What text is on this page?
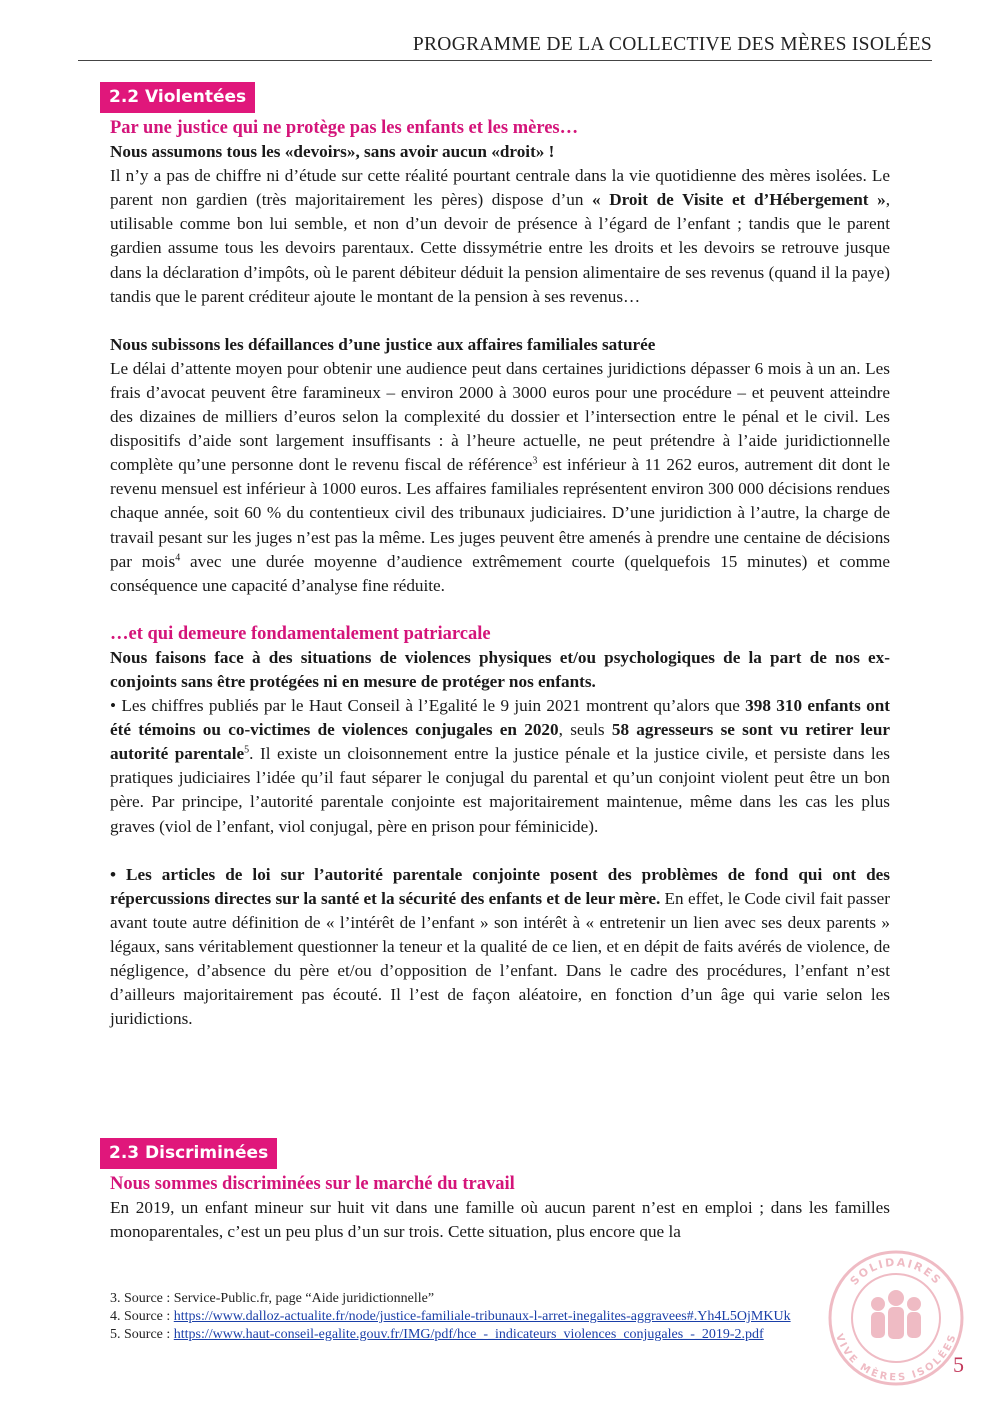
PROGRAMME DE LA COLLECTIVE DES MÈRES ISOLÉES
2.2 Violentées

Par une justice qui ne protège pas les enfants et les mères…

Nous assumons tous les «devoirs», sans avoir aucun «droit» !

Il n’y a pas de chiffre ni d’étude sur cette réalité pourtant centrale dans la vie quotidienne des mères isolées. Le parent non gardien (très majoritairement les pères) dispose d’un « Droit de Visite et d’Hébergement », utilisable comme bon lui semble, et non d’un devoir de présence à l’égard de l’enfant ; tandis que le parent gardien assume tous les devoirs parentaux. Cette dissymétrie entre les droits et les devoirs se retrouve jusque dans la déclaration d’impôts, où le parent débiteur déduit la pension alimentaire de ses revenus (quand il la paye) tandis que le parent créditeur ajoute le montant de la pension à ses revenus…

Nous subissons les défaillances d’une justice aux affaires familiales saturée

Le délai d’attente moyen pour obtenir une audience peut dans certaines juridictions dépasser 6 mois à un an. Les frais d’avocat peuvent être faramineux – environ 2000 à 3000 euros pour une procédure – et peuvent atteindre des dizaines de milliers d’euros selon la complexité du dossier et l’intersection entre le pénal et le civil. Les dispositifs d’aide sont largement insuffisants : à l’heure actuelle, ne peut prétendre à l’aide juridictionnelle complète qu’une personne dont le revenu fiscal de référence$^3$ est inférieur à 11 262 euros, autrement dit dont le revenu mensuel est inférieur à 1000 euros. Les affaires familiales représentent environ 300 000 décisions rendues chaque année, soit 60 % du contentieux civil des tribunaux judiciaires. D’une juridiction à l’autre, la charge de travail pesant sur les juges n’est pas la même. Les juges peuvent être amenés à prendre une centaine de décisions par mois$^4$ avec une durée moyenne d’audience extrêmement courte (quelquefois 15 minutes) et comme conséquence une capacité d’analyse fine réduite.

…et qui demeure fondamentalement patriarcale

Nous faisons face à des situations de violences physiques et/ou psychologiques de la part de nos ex-conjoints sans être protégées ni en mesure de protéger nos enfants.

• Les chiffres publiés par le Haut Conseil à l’Egalité le 9 juin 2021 montrent qu’alors que 398 310 enfants ont été témoins ou co-victimes de violences conjugales en 2020, seuls 58 agresseurs se sont vu retirer leur autorité parentale$^5$. Il existe un cloisonnement entre la justice pénale et la justice civile, et persiste dans les pratiques judiciaires l’idée qu’il faut séparer le conjugal du parental et qu’un conjoint violent peut être un bon père. Par principe, l’autorité parentale conjointe est majoritairement maintenue, même dans les cas les plus graves (viol de l’enfant, viol conjugal, père en prison pour féminicide).

• Les articles de loi sur l’autorité parentale conjointe posent des problèmes de fond qui ont des répercussions directes sur la santé et la sécurité des enfants et de leur mère. En effet, le Code civil fait passer avant toute autre définition de « l’intérêt de l’enfant » son intérêt à « entretenir un lien avec ses deux parents » légaux, sans véritablement questionner la teneur et la qualité de ce lien, et en dépit de faits avérés de violence, de négligence, d’absence du père et/ou d’opposition de l’enfant. Dans le cadre des procédures, l’enfant n’est d’ailleurs majoritairement pas écouté. Il l’est de façon aléatoire, en fonction d’un âge qui varie selon les juridictions.

2.3 Discriminées

Nous sommes discriminées sur le marché du travail

En 2019, un enfant mineur sur huit vit dans une famille où aucun parent n’est en emploi ; dans les familles monoparentales, c’est un peu plus d’un sur trois. Cette situation, plus encore que la

SOLIDAIRES
VIVE MÈRES ISOLÉES
3. Source : Service-Public.fr, page “Aide juridictionnelle”
4. Source : https://www.dalloz-actualite.fr/node/justice-familiale-tribunaux-l-arret-inegalites-aggravees#.Yh4L5OjMKUk
5. Source : https://www.haut-conseil-egalite.gouv.fr/IMG/pdf/hce_-_indicateurs_violences_conjugales_-_2019-2.pdf
5
